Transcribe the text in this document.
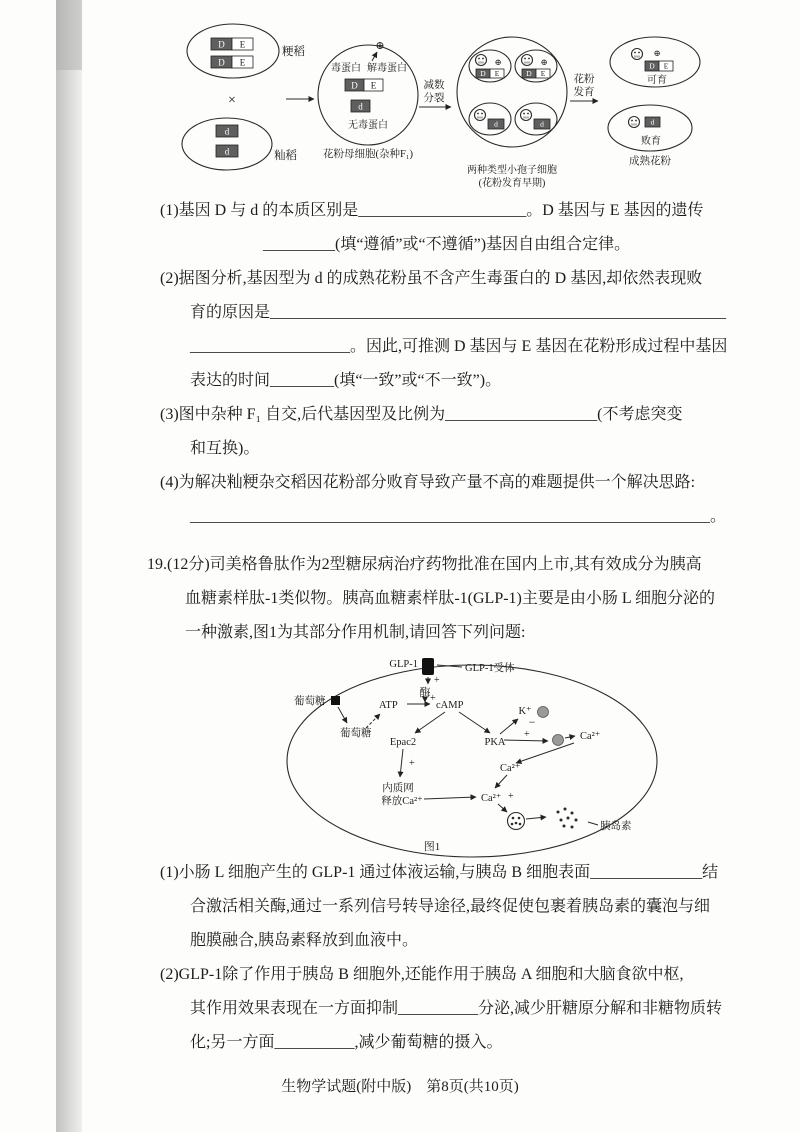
D E
D E
粳稻
×
d
d	籼稻
⊕
毒蛋白 解毒蛋白
D E
d
无毒蛋白
花粉母细胞(杂种F₁)
减数
分裂
⊕
D E
⊕
D E
d	d
两种类型小孢子细胞
(花粉发育早期)
花粉
发育
⊕
D E
可育
d
败育
成熟花粉
(1)基因 D 与 d 的本质区别是_____________________。D 基因与 E 基因的遗传
_________(填“遵循”或“不遵循”)基因自由组合定律。
(2)据图分析,基因型为 d 的成熟花粉虽不含产生毒蛋白的 D 基因,却依然表现败
育的原因是_________________________________________________________
____________________。因此,可推测 D 基因与 E 基因在花粉形成过程中基因
表达的时间________(填“一致”或“不一致”)。
(3)图中杂种 F₁ 自交,后代基因型及比例为___________________(不考虑突变
和互换)。
(4)为解决籼粳杂交稻因花粉部分败育导致产量不高的难题提供一个解决思路:
_________________________________________________________________。
19.(12分)司美格鲁肽作为2型糖尿病治疗药物批准在国内上市,其有效成分为胰高
血糖素样肽-1类似物。胰高血糖素样肽-1(GLP-1)主要是由小肠 L 细胞分泌的
一种激素,图1为其部分作用机制,请回答下列问题:
GLP-1	GLP-1受体
+
酶 +
葡萄糖
葡萄糖
ATP	cAMP
Epac2	PKA
K⁺
−
+	Ca²⁺
Ca²⁺
+
内质网
释放Ca²⁺	Ca²⁺ +
胰岛素
图1
(1)小肠 L 细胞产生的 GLP-1 通过体液运输,与胰岛 B 细胞表面______________结
合激活相关酶,通过一系列信号转导途径,最终促使包裹着胰岛素的囊泡与细
胞膜融合,胰岛素释放到血液中。
(2)GLP-1除了作用于胰岛 B 细胞外,还能作用于胰岛 A 细胞和大脑食欲中枢,
其作用效果表现在一方面抑制__________分泌,减少肝糖原分解和非糖物质转
化;另一方面__________,减少葡萄糖的摄入。
生物学试题(附中版)　第8页(共10页)
